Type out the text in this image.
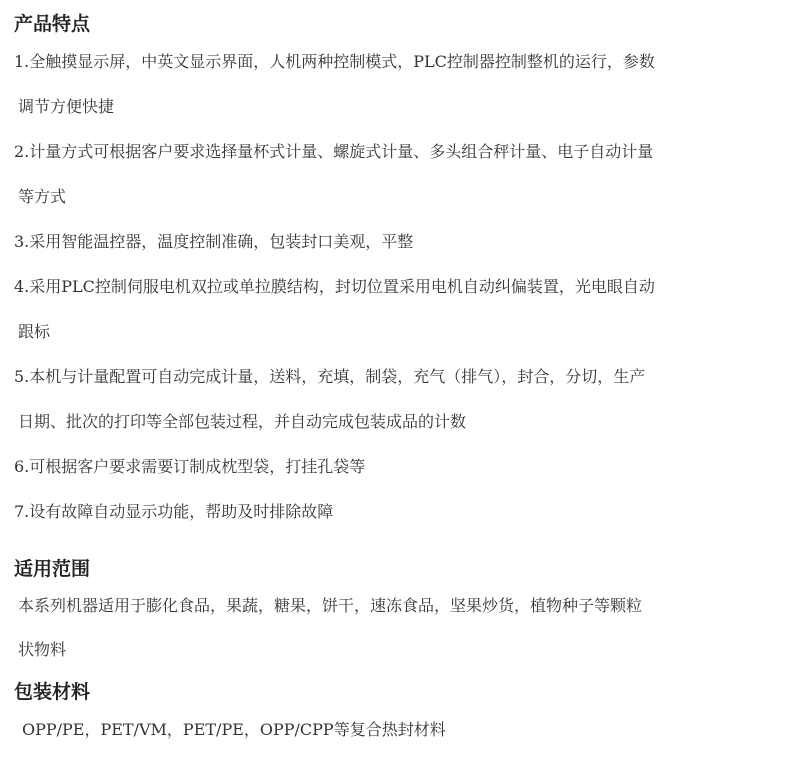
产品特点
1.全触摸显示屏，中英文显示界面，人机两种控制模式，PLC控制器控制整机的运行，参数
调节方便快捷
2.计量方式可根据客户要求选择量杯式计量、螺旋式计量、多头组合秤计量、电子自动计量
等方式
3.采用智能温控器，温度控制准确，包装封口美观，平整
4.采用PLC控制伺服电机双拉或单拉膜结构，封切位置采用电机自动纠偏装置，光电眼自动
跟标
5.本机与计量配置可自动完成计量，送料，充填，制袋，充气（排气），封合，分切，生产
日期、批次的打印等全部包装过程，并自动完成包装成品的计数
6.可根据客户要求需要订制成枕型袋，打挂孔袋等
7.设有故障自动显示功能，帮助及时排除故障
适用范围
本系列机器适用于膨化食品，果蔬，糖果，饼干，速冻食品，坚果炒货，植物种子等颗粒
状物料
包装材料
OPP/PE，PET/VM，PET/PE，OPP/CPP等复合热封材料
